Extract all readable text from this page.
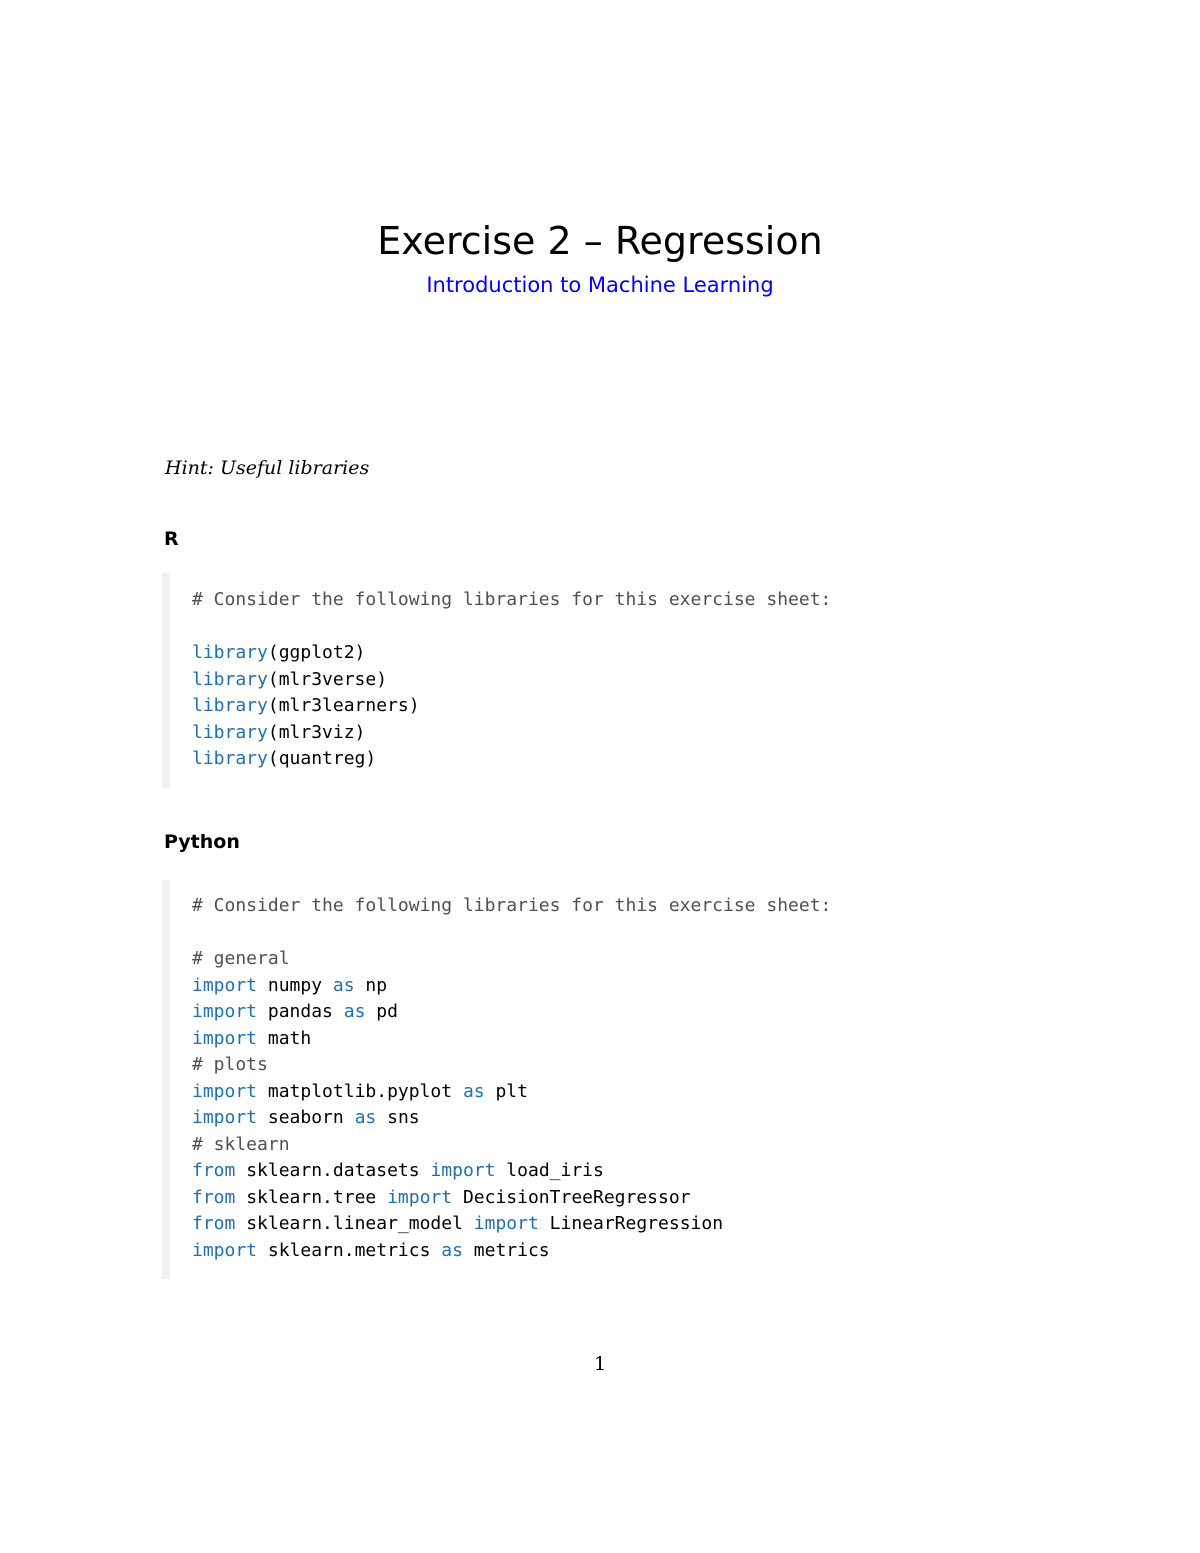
Exercise 2 – Regression
Introduction to Machine Learning
Hint: Useful libraries
R
# Consider the following libraries for this exercise sheet:
library(ggplot2)
library(mlr3verse)
library(mlr3learners)
library(mlr3viz)
library(quantreg)
Python
# Consider the following libraries for this exercise sheet:
# general
import numpy as np
import pandas as pd
import math
# plots
import matplotlib.pyplot as plt
import seaborn as sns
# sklearn
from sklearn.datasets import load_iris
from sklearn.tree import DecisionTreeRegressor
from sklearn.linear_model import LinearRegression
import sklearn.metrics as metrics
1
